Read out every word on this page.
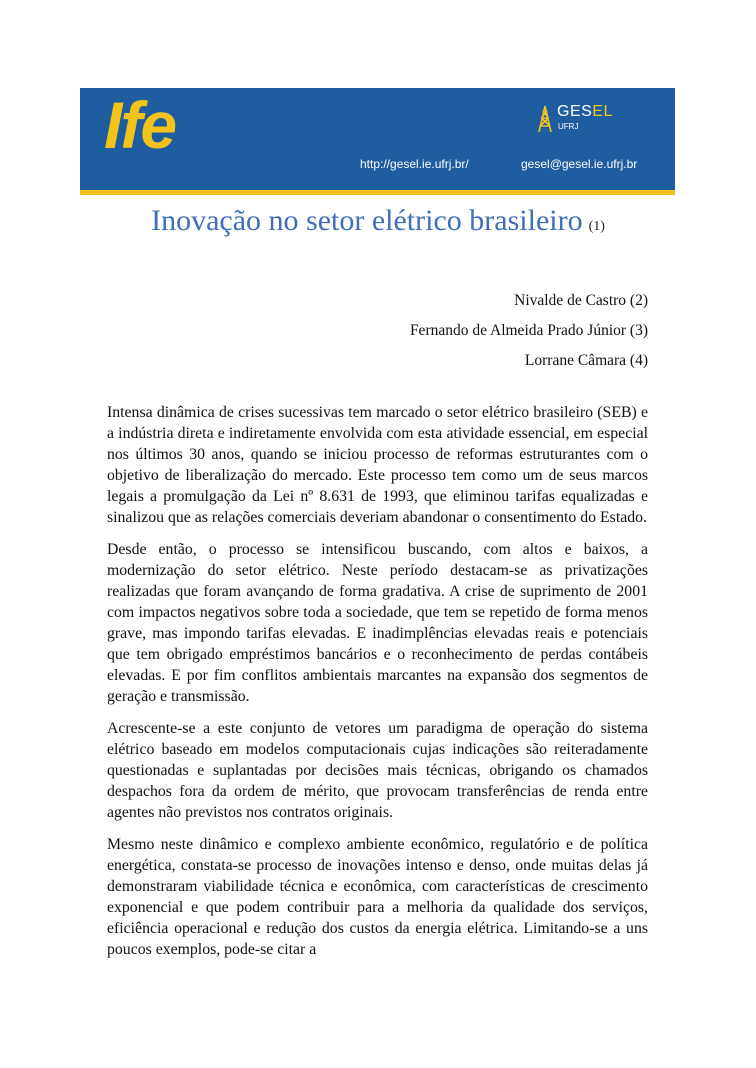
Ife	GESEL
UFRJ
http://gesel.ie.ufrj.br/	gesel@gesel.ie.ufrj.br
Inovação no setor elétrico brasileiro (1)
Nivalde de Castro (2)
Fernando de Almeida Prado Júnior (3)
Lorrane Câmara (4)

Intensa dinâmica de crises sucessivas tem marcado o setor elétrico brasileiro (SEB) e a indústria direta e indiretamente envolvida com esta atividade essencial, em especial nos últimos 30 anos, quando se iniciou processo de reformas estruturantes com o objetivo de liberalização do mercado. Este processo tem como um de seus marcos legais a promulgação da Lei nº 8.631 de 1993, que eliminou tarifas equalizadas e sinalizou que as relações comerciais deveriam abandonar o consentimento do Estado.

Desde então, o processo se intensificou buscando, com altos e baixos, a modernização do setor elétrico. Neste período destacam-se as privatizações realizadas que foram avançando de forma gradativa. A crise de suprimento de 2001 com impactos negativos sobre toda a sociedade, que tem se repetido de forma menos grave, mas impondo tarifas elevadas. E inadimplências elevadas reais e potenciais que tem obrigado empréstimos bancários e o reconhecimento de perdas contábeis elevadas. E por fim conflitos ambientais marcantes na expansão dos segmentos de geração e transmissão.

Acrescente-se a este conjunto de vetores um paradigma de operação do sistema elétrico baseado em modelos computacionais cujas indicações são reiteradamente questionadas e suplantadas por decisões mais técnicas, obrigando os chamados despachos fora da ordem de mérito, que provocam transferências de renda entre agentes não previstos nos contratos originais.

Mesmo neste dinâmico e complexo ambiente econômico, regulatório e de política energética, constata-se processo de inovações intenso e denso, onde muitas delas já demonstraram viabilidade técnica e econômica, com características de crescimento exponencial e que podem contribuir para a melhoria da qualidade dos serviços, eficiência operacional e redução dos custos da energia elétrica. Limitando-se a uns poucos exemplos, pode-se citar a
